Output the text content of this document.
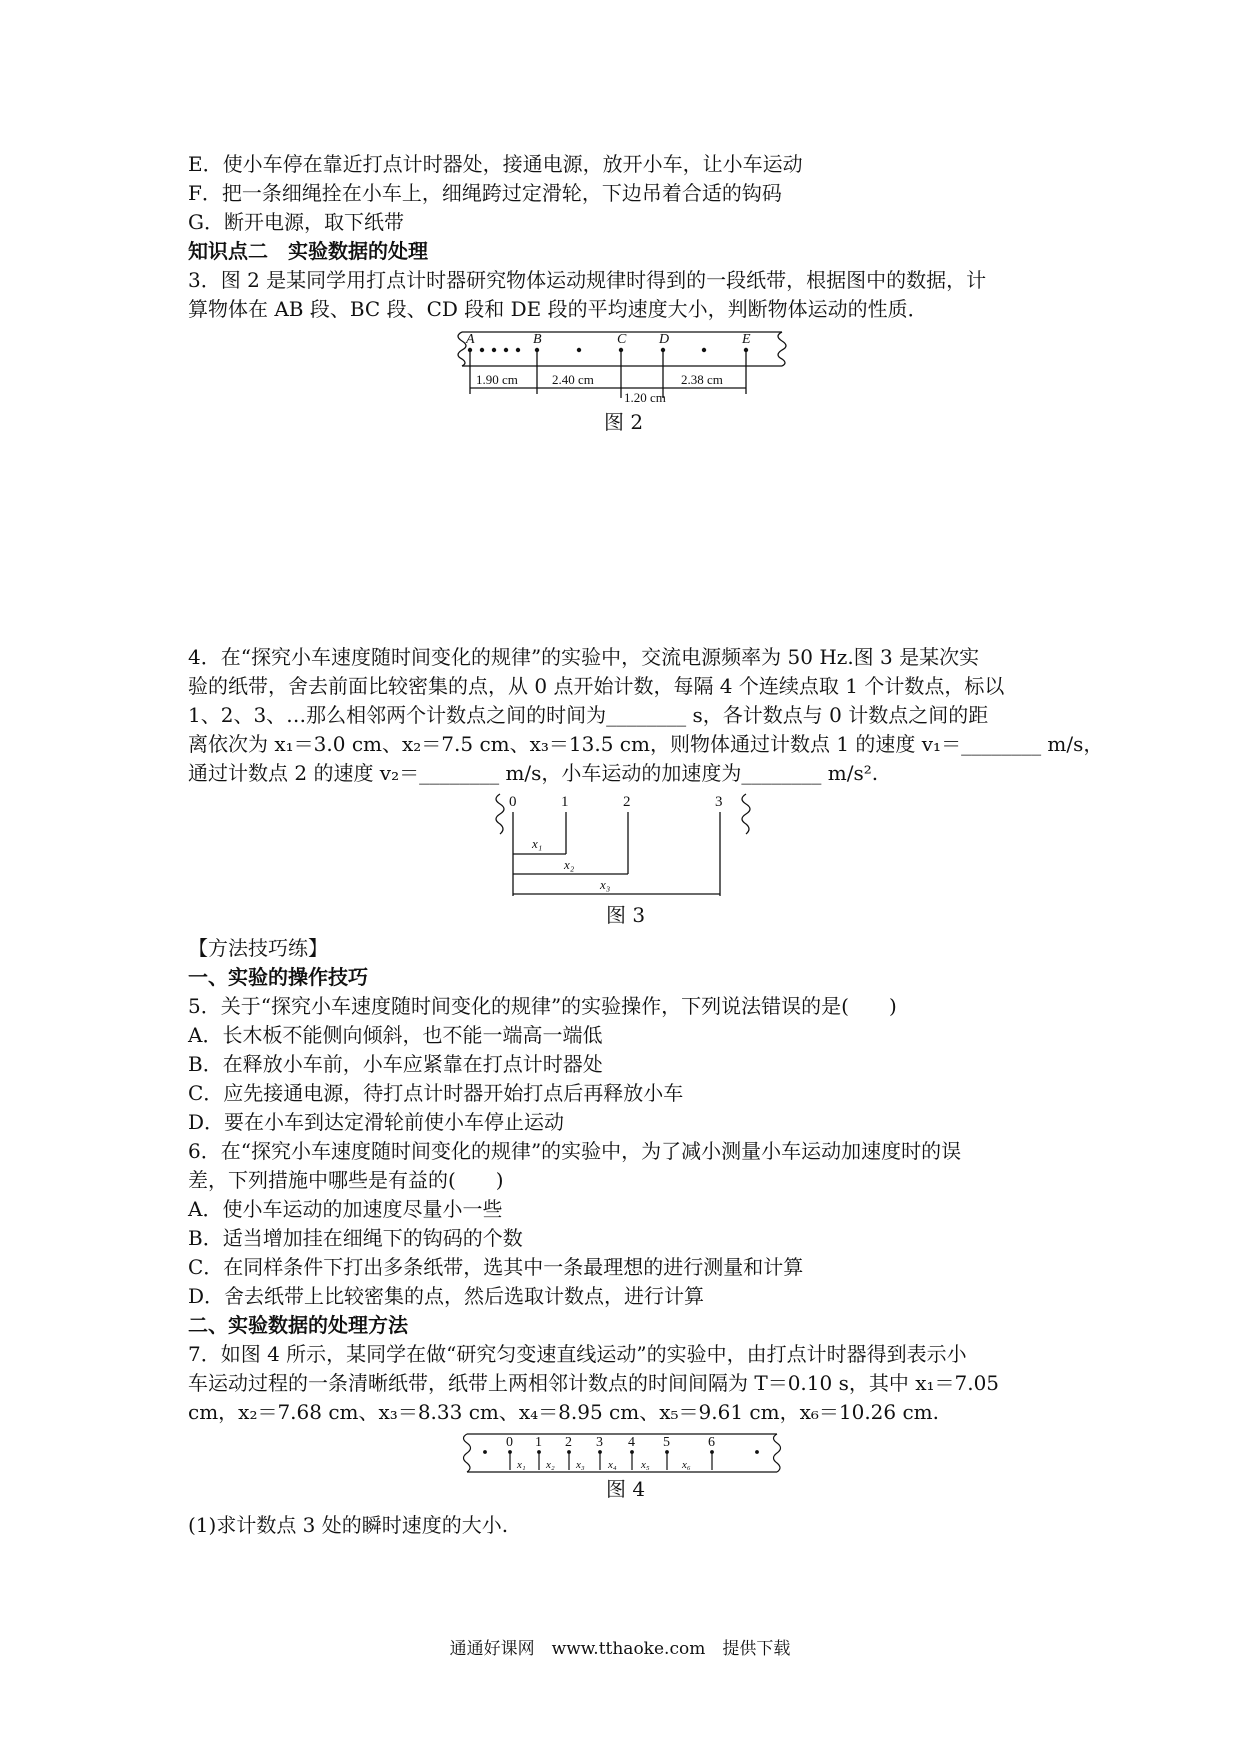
E．使小车停在靠近打点计时器处，接通电源，放开小车，让小车运动
F．把一条细绳拴在小车上，细绳跨过定滑轮，下边吊着合适的钩码
G．断开电源，取下纸带
知识点二　实验数据的处理
3．图 2 是某同学用打点计时器研究物体运动规律时得到的一段纸带，根据图中的数据，计
算物体在 AB 段、BC 段、CD 段和 DE 段的平均速度大小，判断物体运动的性质．
A	B	C D	E
1.90 cm	2.40 cm
1.20 cm
2.38 cm
图 2
4．在“探究小车速度随时间变化的规律”的实验中，交流电源频率为 50 Hz.图 3 是某次实
验的纸带，舍去前面比较密集的点，从 0 点开始计数，每隔 4 个连续点取 1 个计数点，标以
1、2、3、…那么相邻两个计数点之间的时间为________ s，各计数点与 0 计数点之间的距
离依次为 x₁＝3.0 cm、x₂＝7.5 cm、x₃＝13.5 cm，则物体通过计数点 1 的速度 v₁＝________ m/s，
通过计数点 2 的速度 v₂＝________ m/s，小车运动的加速度为________ m/s².
0	1	2	3
x₁
x₂
x₃
图 3
【方法技巧练】
一、实验的操作技巧
5．关于“探究小车速度随时间变化的规律”的实验操作，下列说法错误的是(　　)
A．长木板不能侧向倾斜，也不能一端高一端低
B．在释放小车前，小车应紧靠在打点计时器处
C．应先接通电源，待打点计时器开始打点后再释放小车
D．要在小车到达定滑轮前使小车停止运动
6．在“探究小车速度随时间变化的规律”的实验中，为了减小测量小车运动加速度时的误
差，下列措施中哪些是有益的(　　)
A．使小车运动的加速度尽量小一些
B．适当增加挂在细绳下的钩码的个数
C．在同样条件下打出多条纸带，选其中一条最理想的进行测量和计算
D．舍去纸带上比较密集的点，然后选取计数点，进行计算
二、实验数据的处理方法
7．如图 4 所示，某同学在做“研究匀变速直线运动”的实验中，由打点计时器得到表示小
车运动过程的一条清晰纸带，纸带上两相邻计数点的时间间隔为 T＝0.10 s，其中 x₁＝7.05
cm，x₂＝7.68 cm、x₃＝8.33 cm、x₄＝8.95 cm、x₅＝9.61 cm，x₆＝10.26 cm.
0 1 2 3 4 5	6
x₁ x₂ x₃ x₄ x₅	x₆
图 4
(1)求计数点 3 处的瞬时速度的大小.
通通好课网　www.tthaoke.com　提供下载
